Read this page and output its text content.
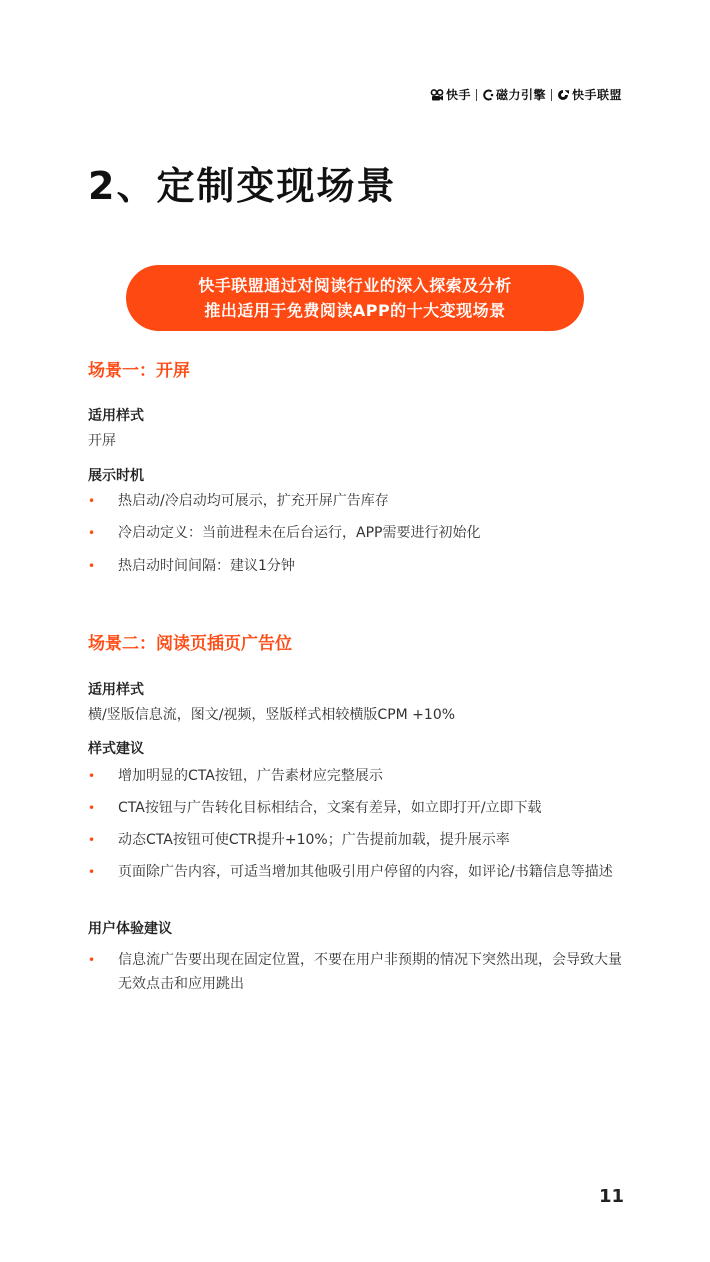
快手 磁力引擎 快手联盟
2、定制变现场景
快手联盟通过对阅读行业的深入探索及分析
推出适用于免费阅读APP的十大变现场景
场景一：开屏
适用样式

开屏

展示时机
•	热启动/冷启动均可展示，扩充开屏广告库存
•	冷启动定义：当前进程未在后台运行，APP需要进行初始化
•	热启动时间间隔：建议1分钟
场景二：阅读页插页广告位
适用样式

横/竖版信息流，图文/视频，竖版样式相较横版CPM +10%

样式建议
•	增加明显的CTA按钮，广告素材应完整展示
•	CTA按钮与广告转化目标相结合，文案有差异，如立即打开/立即下载
•	动态CTA按钮可使CTR提升+10%；广告提前加载，提升展示率
•	页面除广告内容，可适当增加其他吸引用户停留的内容，如评论/书籍信息等描述
用户体验建议
•	信息流广告要出现在固定位置，不要在用户非预期的情况下突然出现，会导致大量无效点击和应用跳出
11
